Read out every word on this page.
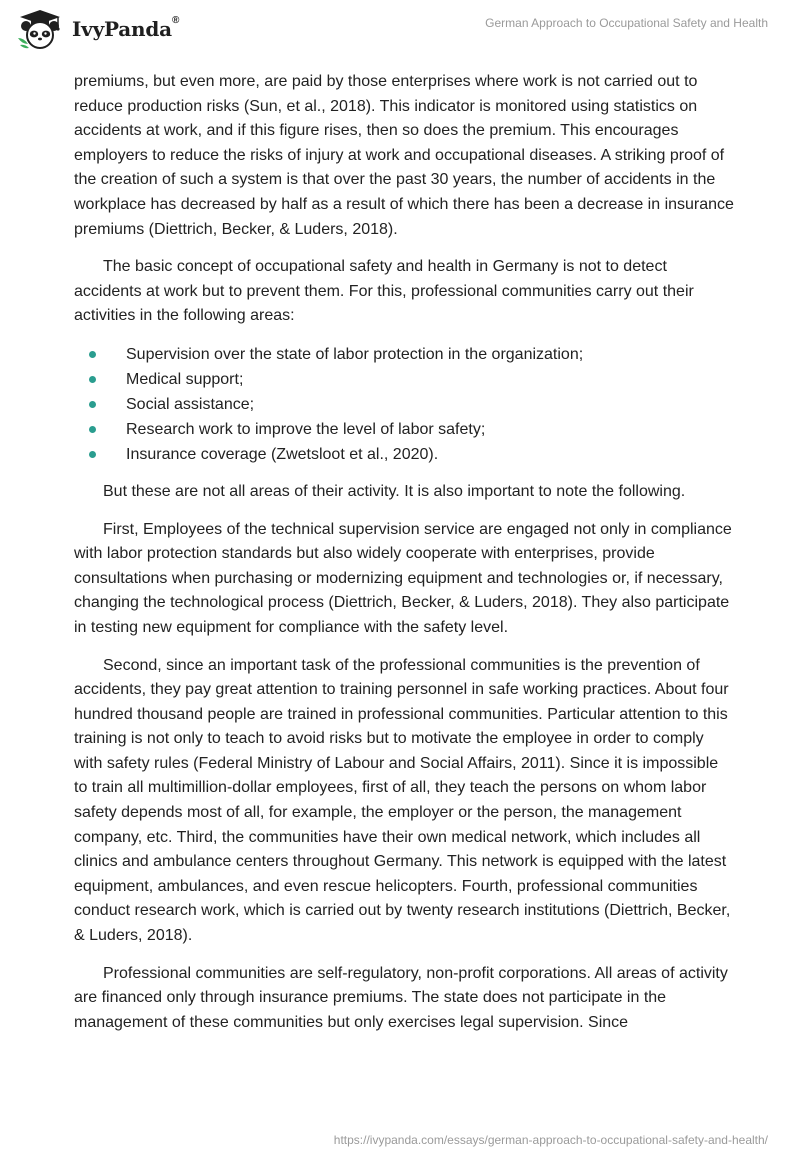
IvyPanda®	German Approach to Occupational Safety and Health

premiums, but even more, are paid by those enterprises where work is not carried out to reduce production risks (Sun, et al., 2018). This indicator is monitored using statistics on accidents at work, and if this figure rises, then so does the premium. This encourages employers to reduce the risks of injury at work and occupational diseases. A striking proof of the creation of such a system is that over the past 30 years, the number of accidents in the workplace has decreased by half as a result of which there has been a decrease in insurance premiums (Diettrich, Becker, & Luders, 2018).

The basic concept of occupational safety and health in Germany is not to detect accidents at work but to prevent them. For this, professional communities carry out their activities in the following areas:

Supervision over the state of labor protection in the organization;
Medical support;
Social assistance;
Research work to improve the level of labor safety;
Insurance coverage (Zwetsloot et al., 2020).

But these are not all areas of their activity. It is also important to note the following.

First, Employees of the technical supervision service are engaged not only in compliance with labor protection standards but also widely cooperate with enterprises, provide consultations when purchasing or modernizing equipment and technologies or, if necessary, changing the technological process (Diettrich, Becker, & Luders, 2018). They also participate in testing new equipment for compliance with the safety level.

Second, since an important task of the professional communities is the prevention of accidents, they pay great attention to training personnel in safe working practices. About four hundred thousand people are trained in professional communities. Particular attention to this training is not only to teach to avoid risks but to motivate the employee in order to comply with safety rules (Federal Ministry of Labour and Social Affairs, 2011). Since it is impossible to train all multimillion-dollar employees, first of all, they teach the persons on whom labor safety depends most of all, for example, the employer or the person, the management company, etc. Third, the communities have their own medical network, which includes all clinics and ambulance centers throughout Germany. This network is equipped with the latest equipment, ambulances, and even rescue helicopters. Fourth, professional communities conduct research work, which is carried out by twenty research institutions (Diettrich, Becker, & Luders, 2018).

Professional communities are self-regulatory, non-profit corporations. All areas of activity are financed only through insurance premiums. The state does not participate in the management of these communities but only exercises legal supervision. Since

https://ivypanda.com/essays/german-approach-to-occupational-safety-and-health/
